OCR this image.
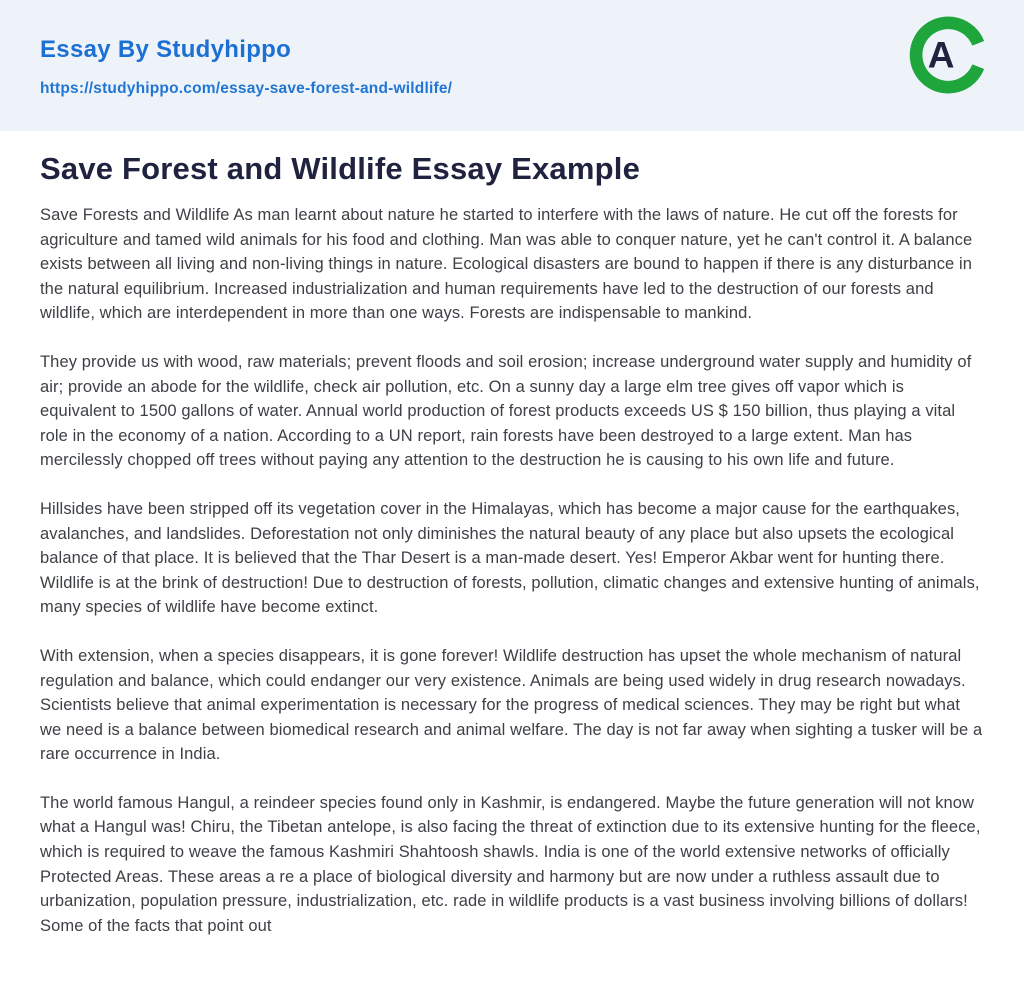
Essay By Studyhippo
https://studyhippo.com/essay-save-forest-and-wildlife/
A
Save Forest and Wildlife Essay Example

Save Forests and Wildlife As man learnt about nature he started to interfere with the laws of nature. He cut off the forests for agriculture and tamed wild animals for his food and clothing. Man was able to conquer nature, yet he can't control it. A balance exists between all living and non-living things in nature. Ecological disasters are bound to happen if there is any disturbance in the natural equilibrium. Increased industrialization and human requirements have led to the destruction of our forests and wildlife, which are interdependent in more than one ways. Forests are indispensable to mankind.

They provide us with wood, raw materials; prevent floods and soil erosion; increase underground water supply and humidity of air; provide an abode for the wildlife, check air pollution, etc. On a sunny day a large elm tree gives off vapor which is equivalent to 1500 gallons of water. Annual world production of forest products exceeds US $ 150 billion, thus playing a vital role in the economy of a nation. According to a UN report, rain forests have been destroyed to a large extent. Man has mercilessly chopped off trees without paying any attention to the destruction he is causing to his own life and future.

Hillsides have been stripped off its vegetation cover in the Himalayas, which has become a major cause for the earthquakes, avalanches, and landslides. Deforestation not only diminishes the natural beauty of any place but also upsets the ecological balance of that place. It is believed that the Thar Desert is a man-made desert. Yes! Emperor Akbar went for hunting there. Wildlife is at the brink of destruction! Due to destruction of forests, pollution, climatic changes and extensive hunting of animals, many species of wildlife have become extinct.

With extension, when a species disappears, it is gone forever! Wildlife destruction has upset the whole mechanism of natural regulation and balance, which could endanger our very existence. Animals are being used widely in drug research nowadays. Scientists believe that animal experimentation is necessary for the progress of medical sciences. They may be right but what we need is a balance between biomedical research and animal welfare. The day is not far away when sighting a tusker will be a rare occurrence in India.

The world famous Hangul, a reindeer species found only in Kashmir, is endangered. Maybe the future generation will not know what a Hangul was! Chiru, the Tibetan antelope, is also facing the threat of extinction due to its extensive hunting for the fleece, which is required to weave the famous Kashmiri Shahtoosh shawls. India is one of the world extensive networks of officially Protected Areas. These areas a re a place of biological diversity and harmony but are now under a ruthless assault due to urbanization, population pressure, industrialization, etc. rade in wildlife products is a vast business involving billions of dollars! Some of the facts that point out
